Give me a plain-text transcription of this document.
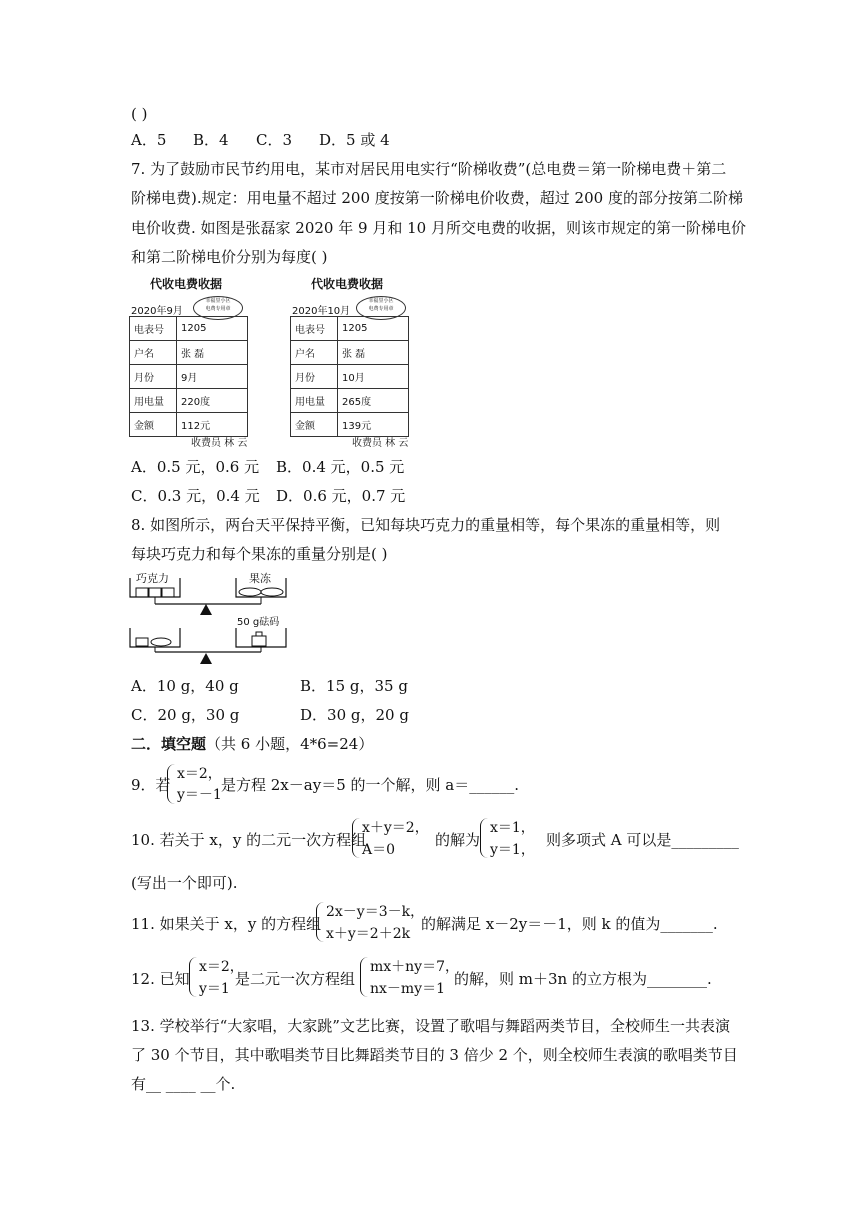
( )
A．5 B．4 C．3 D．5 或 4
7. 为了鼓励市民节约用电，某市对居民用电实行“阶梯收费”(总电费＝第一阶梯电费＋第二
阶梯电费).规定：用电量不超过 200 度按第一阶梯电价收费，超过 200 度的部分按第二阶梯
电价收费. 如图是张磊家 2020 年 9 月和 10 月所交电费的收据，则该市规定的第一阶梯电价
和第二阶梯电价分别为每度( )
代收电费收据
2020年9月
幸福里小区
电费专用章
电表号	1205
户名	张 磊
月份	9月
用电量	220度
金额	112元
收费员 林 云
代收电费收据
2020年10月
幸福里小区
电费专用章
电表号	1205
户名	张 磊
月份	10月
用电量	265度
金额	139元
收费员 林 云
A．0.5 元，0.6 元 B．0.4 元，0.5 元
C．0.3 元，0.4 元 D．0.6 元，0.7 元
8. 如图所示，两台天平保持平衡，已知每块巧克力的重量相等，每个果冻的重量相等，则
每块巧克力和每个果冻的重量分别是( )
巧克力	果冻
50 g砝码
A．10 g，40 g	B．15 g，35 g
C．20 g，30 g	D．30 g，20 g
二．填空题（共 6 小题，4*6=24）
9．若
x＝2，
y＝－1
是方程 2x－ay＝5 的一个解，则 a＝______.
10. 若关于 x，y 的二元一次方程组
x＋y＝2，
A＝0
的解为
x＝1，
y＝1，
则多项式 A 可以是_________
(写出一个即可).
11. 如果关于 x，y 的方程组
2x－y＝3－k，
x＋y＝2＋2k
的解满足 x－2y＝－1，则 k 的值为_______.
12. 已知
x＝2，
y＝1
是二元一次方程组
mx＋ny＝7，
nx－my＝1
的解，则 m＋3n 的立方根为________.
13. 学校举行“大家唱，大家跳”文艺比赛，设置了歌唱与舞蹈两类节目，全校师生一共表演
了 30 个节目，其中歌唱类节目比舞蹈类节目的 3 倍少 2 个，则全校师生表演的歌唱类节目
有__ ____ __个.
